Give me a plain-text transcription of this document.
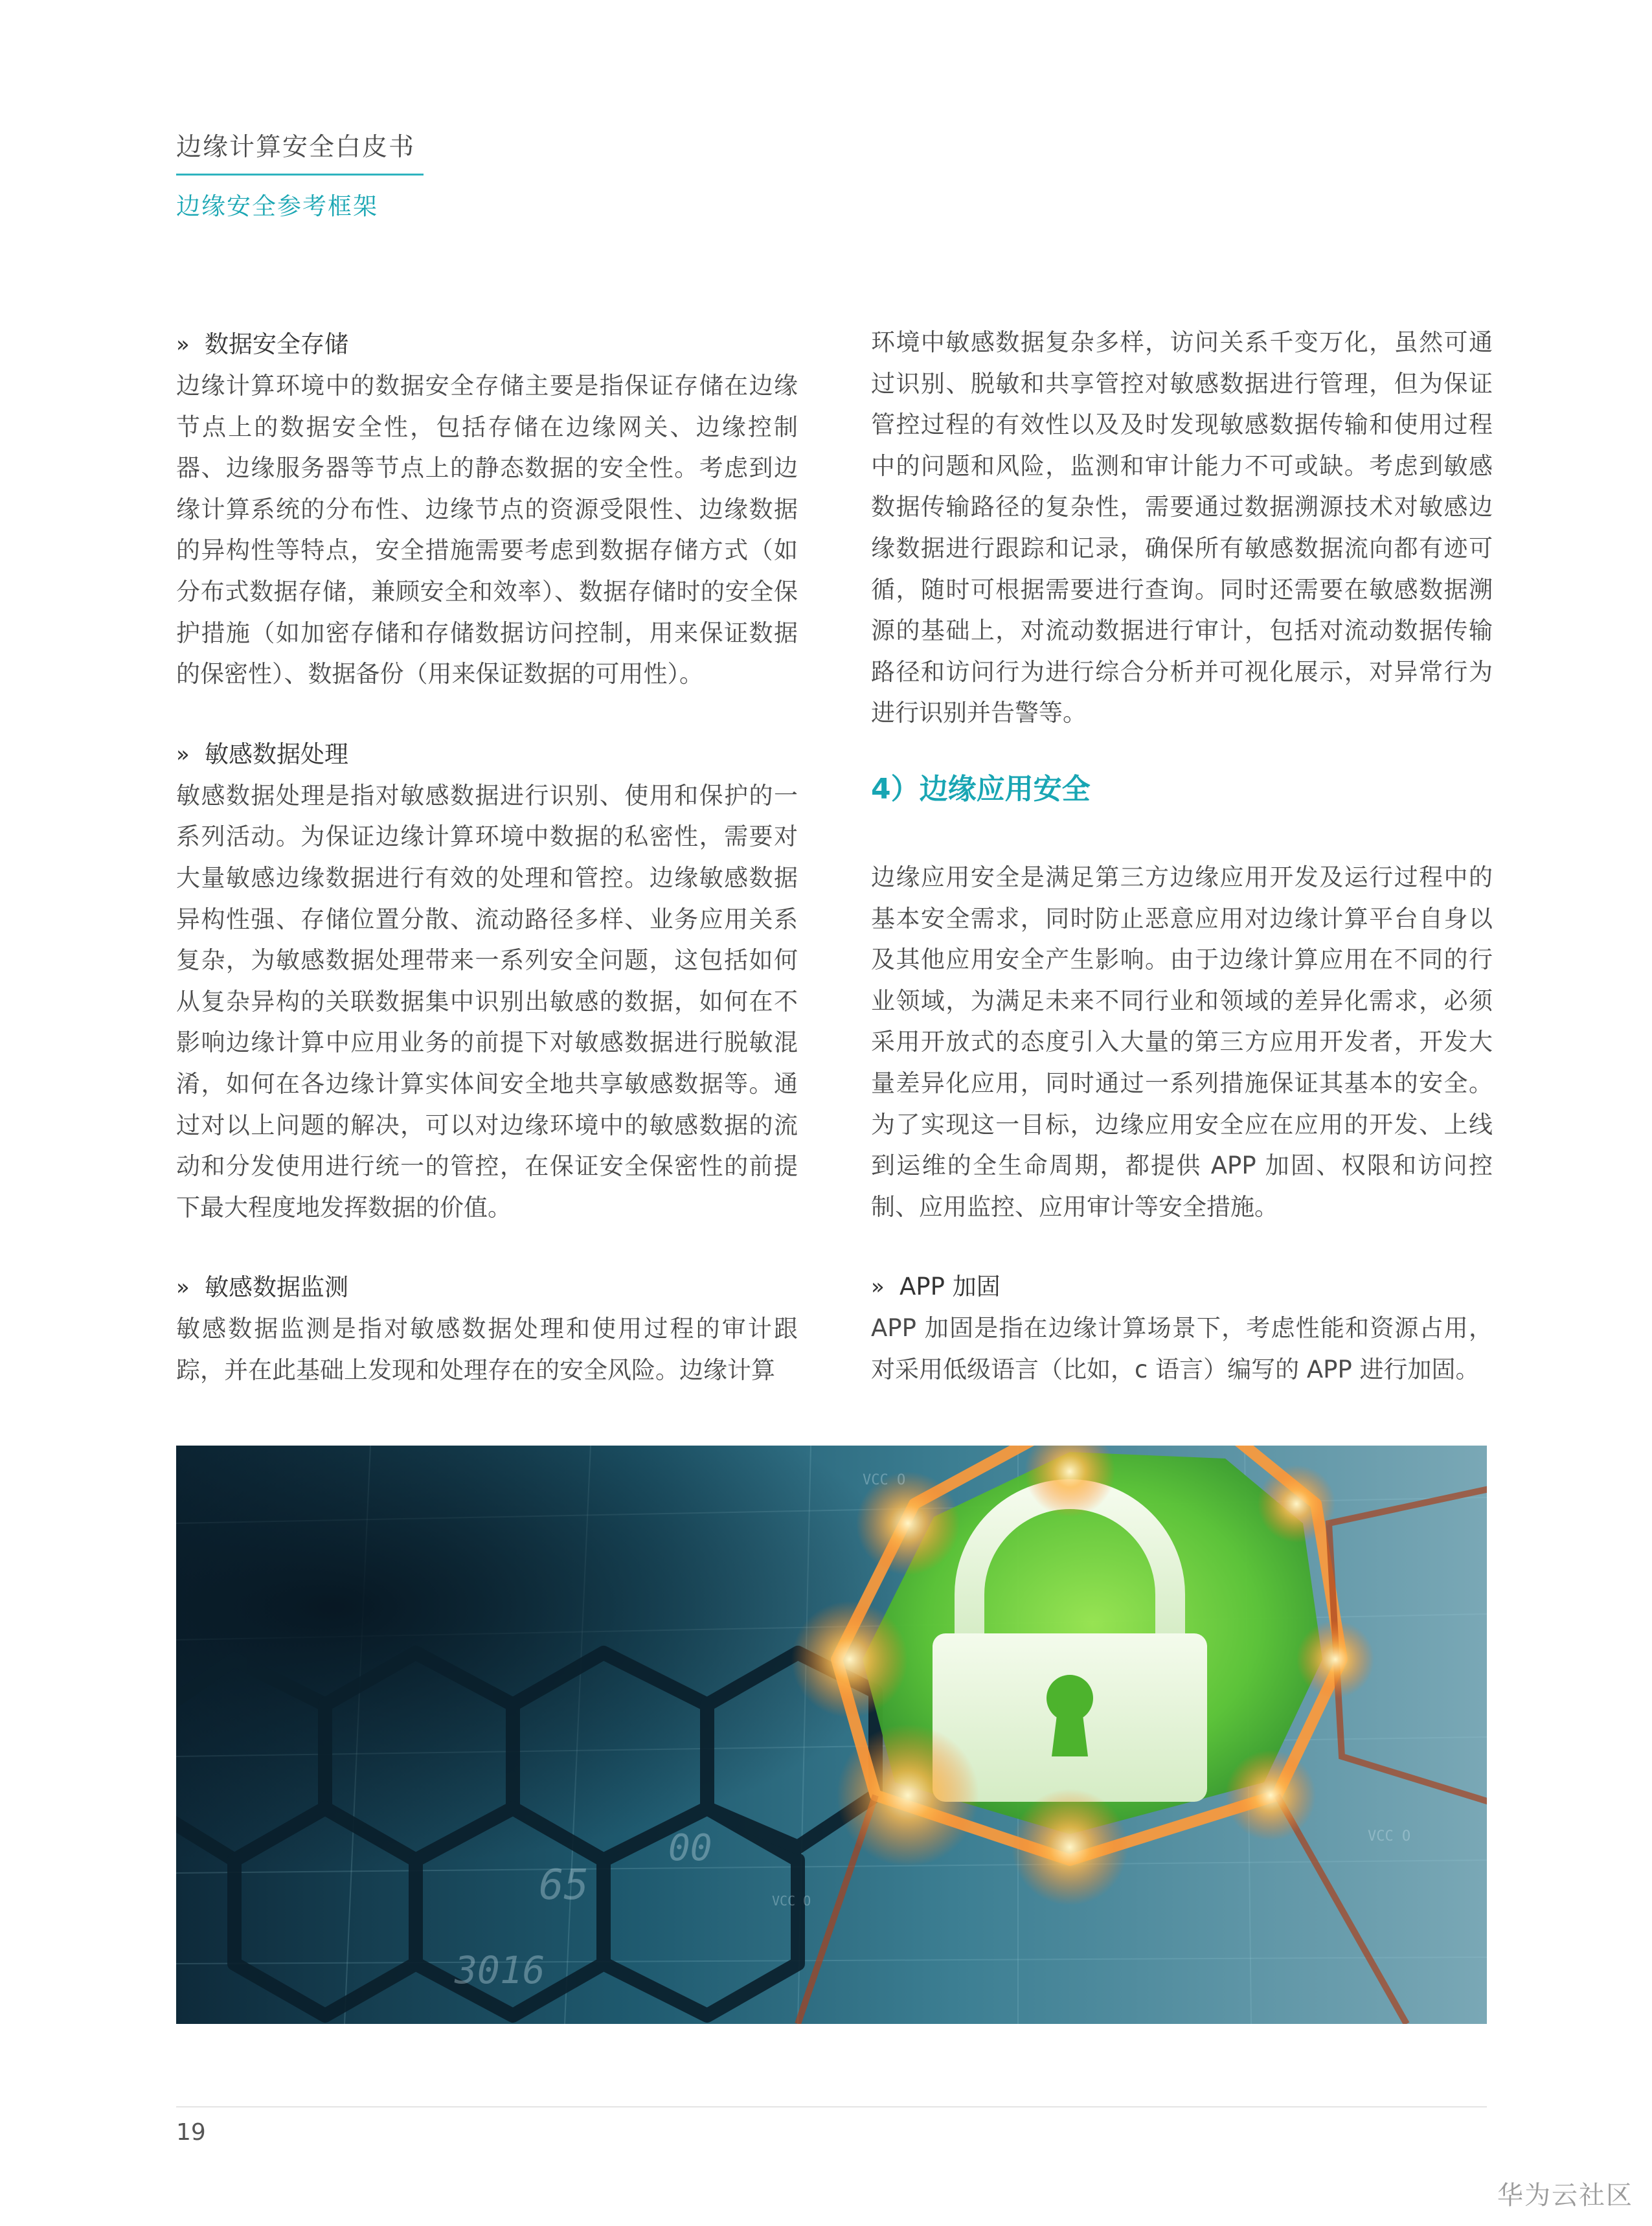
边缘计算安全白皮书
边缘安全参考框架
» 数据安全存储

边缘计算环境中的数据安全存储主要是指保证存储在边缘节点上的数据安全性，包括存储在边缘网关、边缘控制器、边缘服务器等节点上的静态数据的安全性。考虑到边缘计算系统的分布性、边缘节点的资源受限性、边缘数据的异构性等特点，安全措施需要考虑到数据存储方式（如分布式数据存储，兼顾安全和效率）、数据存储时的安全保护措施（如加密存储和存储数据访问控制，用来保证数据的保密性）、数据备份（用来保证数据的可用性）。

» 敏感数据处理

敏感数据处理是指对敏感数据进行识别、使用和保护的一系列活动。为保证边缘计算环境中数据的私密性，需要对大量敏感边缘数据进行有效的处理和管控。边缘敏感数据异构性强、存储位置分散、流动路径多样、业务应用关系复杂，为敏感数据处理带来一系列安全问题，这包括如何从复杂异构的关联数据集中识别出敏感的数据，如何在不影响边缘计算中应用业务的前提下对敏感数据进行脱敏混淆，如何在各边缘计算实体间安全地共享敏感数据等。通过对以上问题的解决，可以对边缘环境中的敏感数据的流动和分发使用进行统一的管控，在保证安全保密性的前提下最大程度地发挥数据的价值。

» 敏感数据监测

敏感数据监测是指对敏感数据处理和使用过程的审计跟踪，并在此基础上发现和处理存在的安全风险。边缘计算

环境中敏感数据复杂多样，访问关系千变万化，虽然可通过识别、脱敏和共享管控对敏感数据进行管理，但为保证管控过程的有效性以及及时发现敏感数据传输和使用过程中的问题和风险，监测和审计能力不可或缺。考虑到敏感数据传输路径的复杂性，需要通过数据溯源技术对敏感边缘数据进行跟踪和记录，确保所有敏感数据流向都有迹可循，随时可根据需要进行查询。同时还需要在敏感数据溯源的基础上，对流动数据进行审计，包括对流动数据传输路径和访问行为进行综合分析并可视化展示，对异常行为进行识别并告警等。

4）边缘应用安全

边缘应用安全是满足第三方边缘应用开发及运行过程中的基本安全需求，同时防止恶意应用对边缘计算平台自身以及其他应用安全产生影响。由于边缘计算应用在不同的行业领域，为满足未来不同行业和领域的差异化需求，必须采用开放式的态度引入大量的第三方应用开发者，开发大量差异化应用，同时通过一系列措施保证其基本的安全。为了实现这一目标，边缘应用安全应在应用的开发、上线到运维的全生命周期，都提供 APP 加固、权限和访问控制、应用监控、应用审计等安全措施。

» APP 加固

APP 加固是指在边缘计算场景下，考虑性能和资源占用，对采用低级语言（比如，c 语言）编写的 APP 进行加固。

VCC O
VCC O
VCC O
3016
65
00
19
华为云社区
